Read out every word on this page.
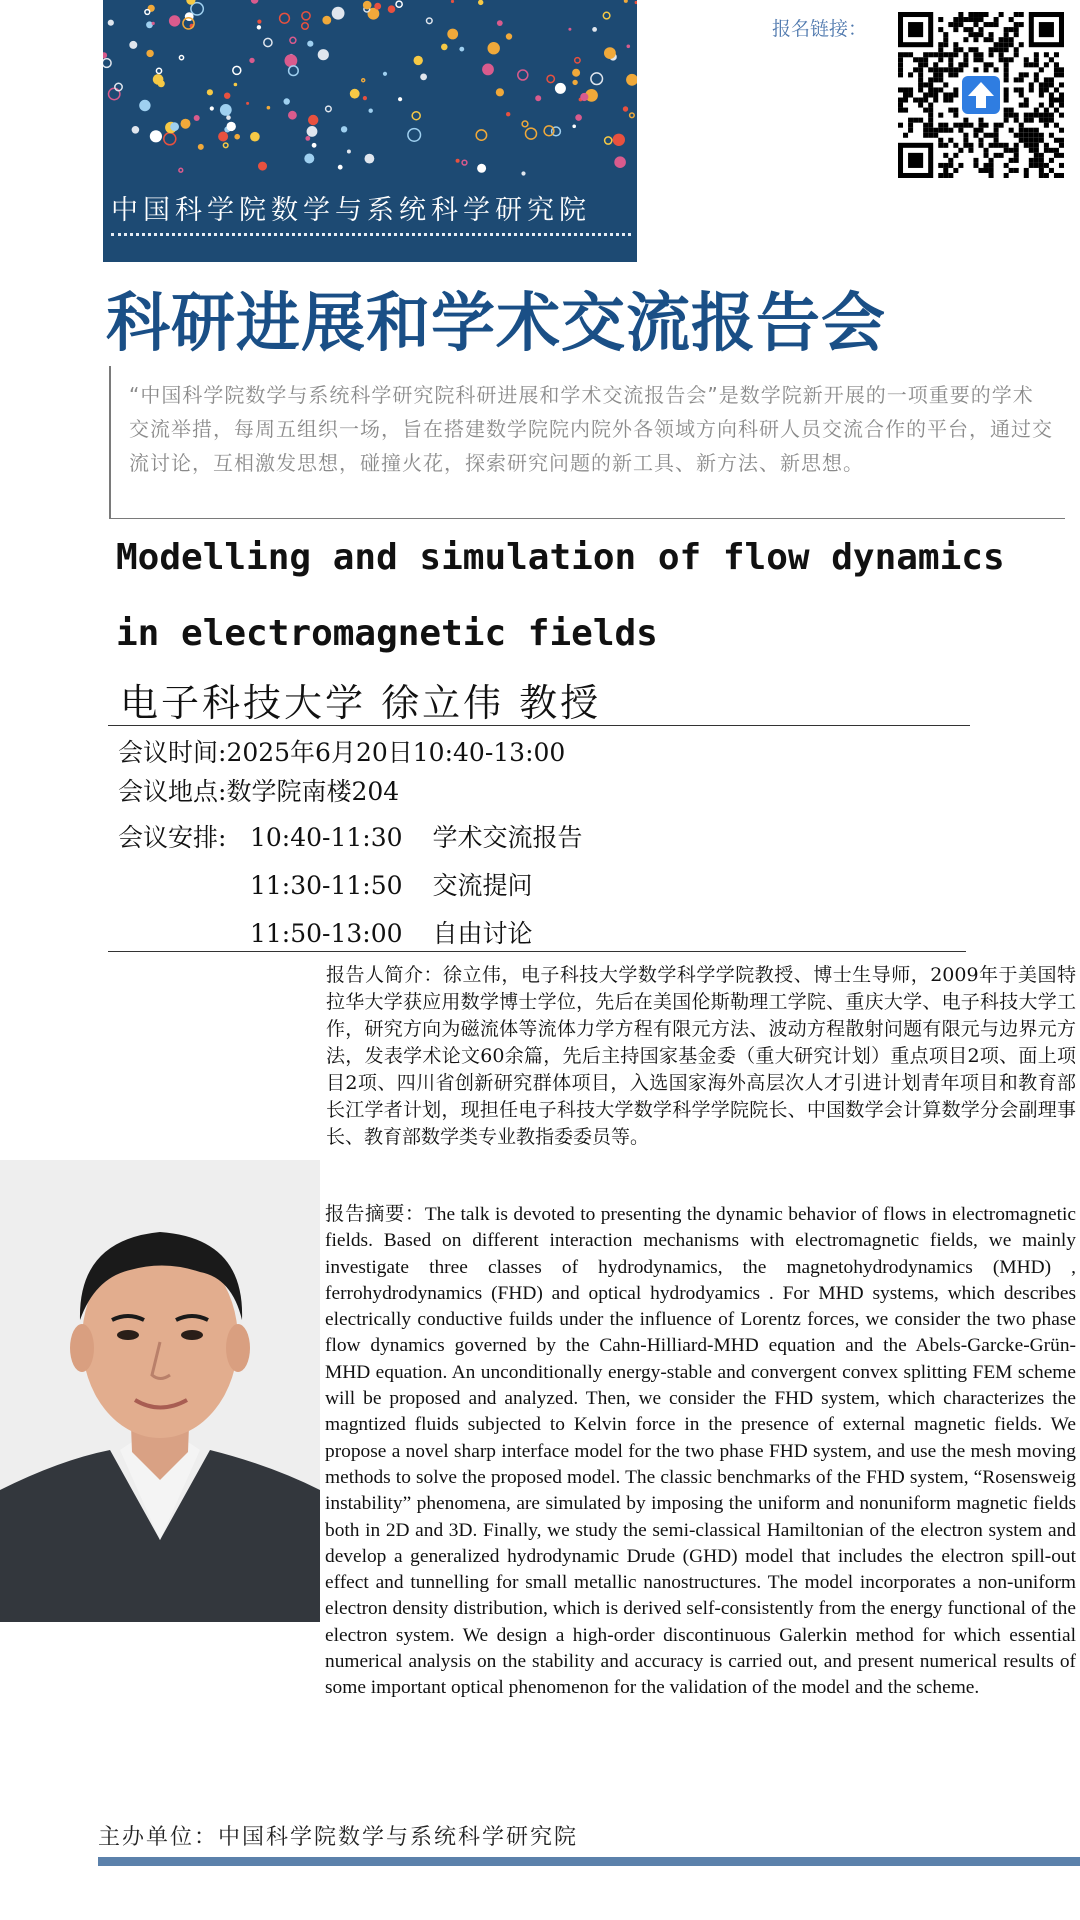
中国科学院数学与系统科学研究院
报名链接：
科研进展和学术交流报告会

“中国科学院数学与系统科学研究院科研进展和学术交流报告会”是数学院新开展的一项重要的学术交流举措，每周五组织一场，旨在搭建数学院院内院外各领域方向科研人员交流合作的平台，通过交流讨论，互相激发思想，碰撞火花，探索研究问题的新工具、新方法、新思想。

Modelling and simulation of flow dynamics in electromagnetic fields
电子科技大学 徐立伟 教授
会议时间:2025年6月20日10:40-13:00
会议地点:数学院南楼204
会议安排: 10:40-11:30 学术交流报告
11:30-11:50 交流提问
11:50-13:00 自由讨论

报告人简介：徐立伟，电子科技大学数学科学学院教授、博士生导师，2009年于美国特拉华大学获应用数学博士学位，先后在美国伦斯勒理工学院、重庆大学、电子科技大学工作，研究方向为磁流体等流体力学方程有限元方法、波动方程散射问题有限元与边界元方法，发表学术论文60余篇，先后主持国家基金委（重大研究计划）重点项目2项、面上项目2项、四川省创新研究群体项目，入选国家海外高层次人才引进计划青年项目和教育部长江学者计划，现担任电子科技大学数学科学学院院长、中国数学会计算数学分会副理事长、教育部数学类专业教指委委员等。

报告摘要：The talk is devoted to presenting the dynamic behavior of flows in electromagnetic fields. Based on different interaction mechanisms with electromagnetic fields, we mainly investigate three classes of hydrodynamics, the magnetohydrodynamics (MHD) , ferrohydrodynamics (FHD) and optical hydrodyamics . For MHD systems, which describes electrically conductive fuilds under the influence of Lorentz forces, we consider the two phase flow dynamics governed by the Cahn-Hilliard-MHD equation and the Abels-Garcke-Grün-MHD equation. An unconditionally energy-stable and convergent convex splitting FEM scheme will be proposed and analyzed. Then, we consider the FHD system, which characterizes the magntized fluids subjected to Kelvin force in the presence of external magnetic fields. We propose a novel sharp interface model for the two phase FHD system, and use the mesh moving methods to solve the proposed model. The classic benchmarks of the FHD system, “Rosensweig instability” phenomena, are simulated by imposing the uniform and nonuniform magnetic fields both in 2D and 3D. Finally, we study the semi-classical Hamiltonian of the electron system and develop a generalized hydrodynamic Drude (GHD) model that includes the electron spill-out effect and tunnelling for small metallic nanostructures. The model incorporates a non-uniform electron density distribution, which is derived self-consistently from the energy functional of the electron system. We design a high-order discontinuous Galerkin method for which essential numerical analysis on the stability and accuracy is carried out, and present numerical results of some important optical phenomenon for the validation of the model and the scheme.

主办单位：中国科学院数学与系统科学研究院
